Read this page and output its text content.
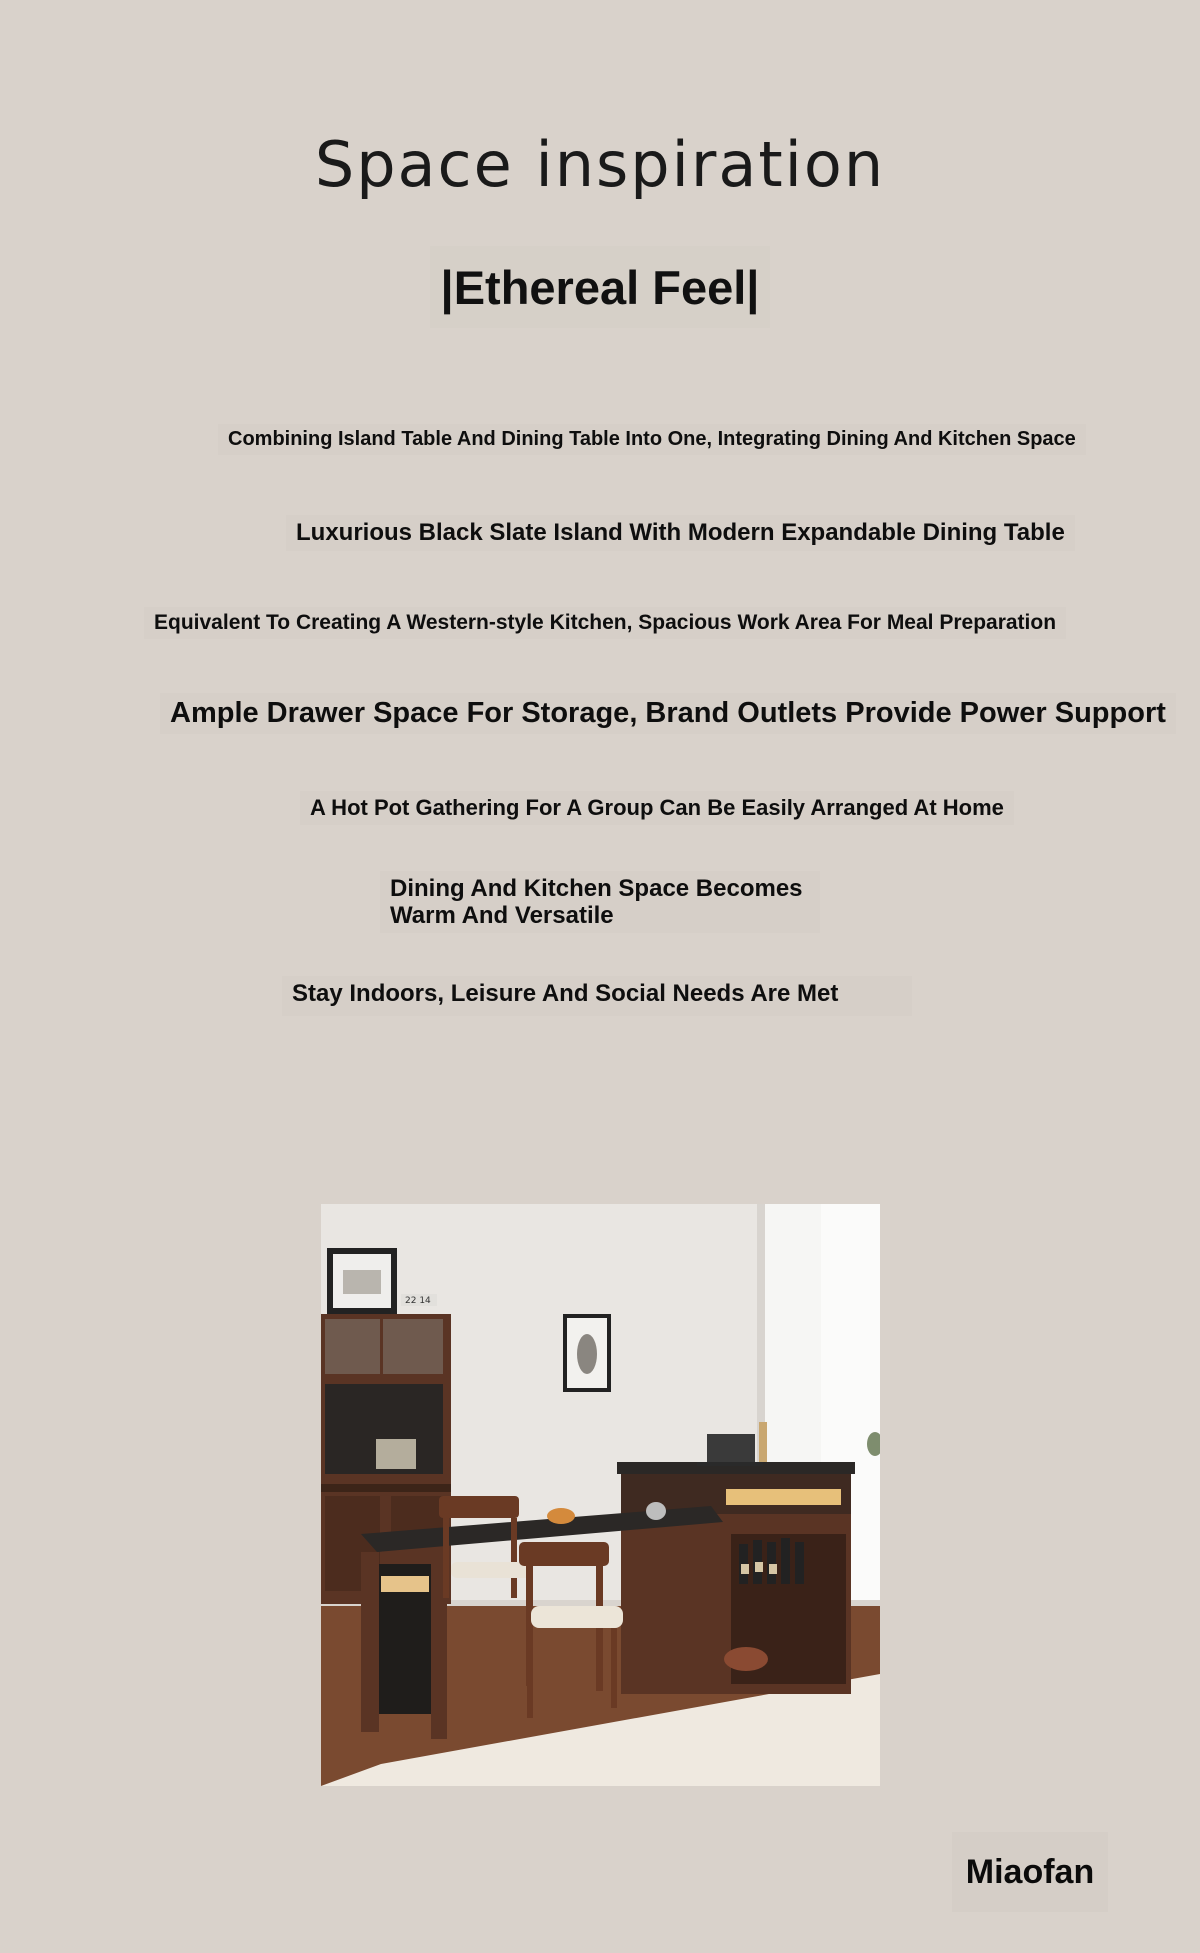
Space inspiration
|Ethereal Feel|
Combining Island Table And Dining Table Into One, Integrating Dining And Kitchen Space
Luxurious Black Slate Island With Modern Expandable Dining Table
Equivalent To Creating A Western-style Kitchen, Spacious Work Area For Meal Preparation
Ample Drawer Space For Storage, Brand Outlets Provide Power Support
A Hot Pot Gathering For A Group Can Be Easily Arranged At Home
Dining And Kitchen Space Becomes Warm And Versatile
Stay Indoors, Leisure And Social Needs Are Met
22 14
Miaofan
